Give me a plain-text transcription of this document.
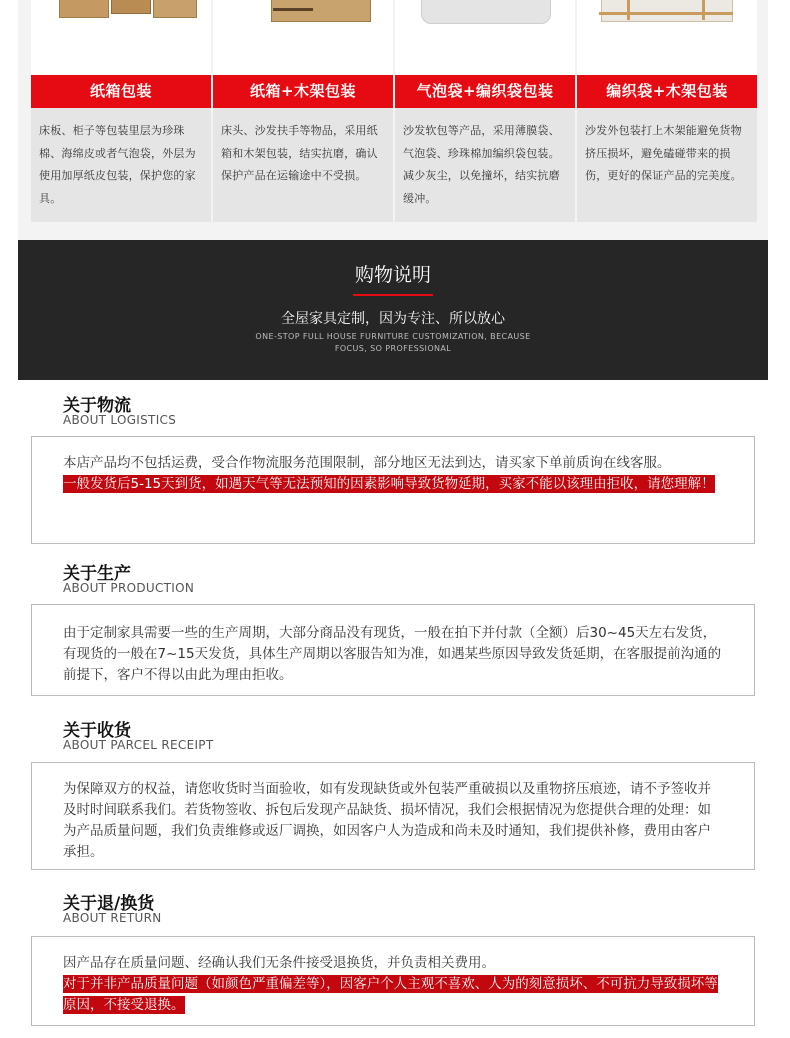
纸箱包装

床板、柜子等包装里层为珍珠棉、海绵皮或者气泡袋，外层为使用加厚纸皮包装，保护您的家具。

纸箱+木架包装

床头、沙发扶手等物品，采用纸箱和木架包装，结实抗磨，确认保护产品在运输途中不受损。

气泡袋+编织袋包装

沙发软包等产品，采用薄膜袋、气泡袋、珍珠棉加编织袋包装。减少灰尘，以免撞坏，结实抗磨缓冲。

编织袋+木架包装

沙发外包装打上木架能避免货物挤压损坏，避免磕碰带来的损伤，更好的保证产品的完美度。

购物说明
全屋家具定制，因为专注、所以放心
ONE-STOP FULL HOUSE FURNITURE CUSTOMIZATION, BECAUSE FOCUS, SO PROFESSIONAL
关于物流
ABOUT LOGISTICS

本店产品均不包括运费，受合作物流服务范围限制，部分地区无法到达，请买家下单前质询在线客服。

一般发货后5-15天到货，如遇天气等无法预知的因素影响导致货物延期，买家不能以该理由拒收，请您理解！

关于生产
ABOUT PRODUCTION

由于定制家具需要一些的生产周期，大部分商品没有现货，一般在拍下并付款（全额）后30~45天左右发货，有现货的一般在7~15天发货，具体生产周期以客服告知为准，如遇某些原因导致发货延期，在客服提前沟通的前提下，客户不得以由此为理由拒收。

关于收货
ABOUT PARCEL RECEIPT

为保障双方的权益，请您收货时当面验收，如有发现缺货或外包装严重破损以及重物挤压痕迹，请不予签收并及时时间联系我们。若货物签收、拆包后发现产品缺货、损坏情况，我们会根据情况为您提供合理的处理：如为产品质量问题，我们负责维修或返厂调换，如因客户人为造成和尚未及时通知，我们提供补修，费用由客户承担。

关于退/换货
ABOUT RETURN

因产品存在质量问题、经确认我们无条件接受退换货，并负责相关费用。

对于并非产品质量问题（如颜色严重偏差等），因客户个人主观不喜欢、人为的刻意损坏、不可抗力导致损坏等原因，不接受退换。
